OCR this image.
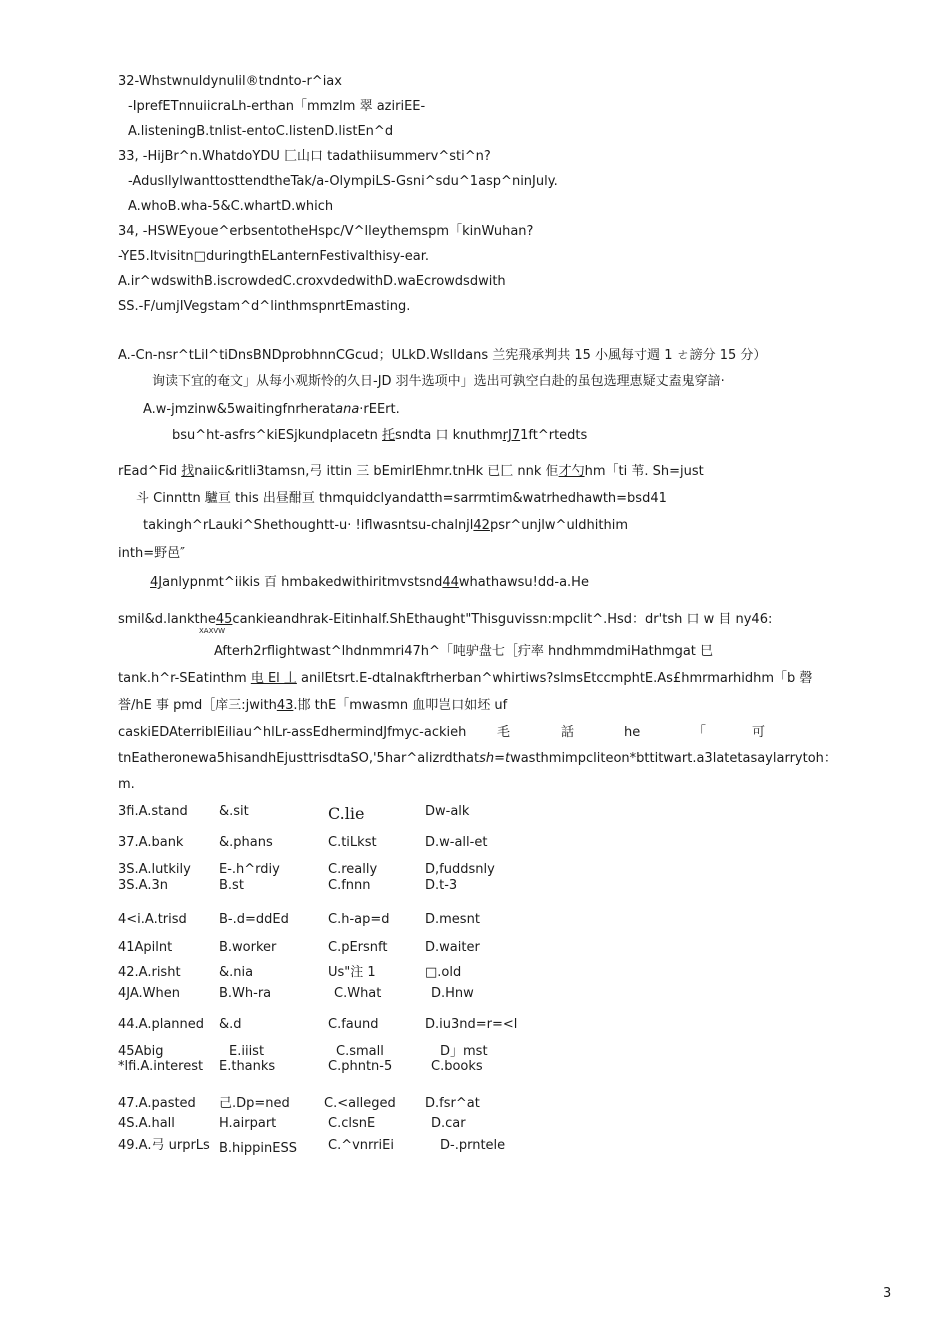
32-Whstwnuldynulil®tndnto-r^iax
-IprefETnnuiicraLh-erthan「mmzlm 翠 aziriEE-
A.listeningB.tnlist-entoC.listenD.listEn^d
33, -HijBr^n.WhatdoYDU 匚山口 tadathiisummerv^sti^n?
-AdusllylwanttosttendtheTak/a-OlympiLS-Gsni^sdu^1asp^ninJuly.
A.whoB.wha-5&C.whartD.which
34, -HSWEyoue^erbsentotheHspc/V^lleythemspm「kinWuhan?
-YE5.Itvisitn□duringthELanternFestivalthisy-ear.
A.ir^wdswithB.iscrowdedC.croxvdedwithD.waEcrowdsdwith
SS.-F/umjIVegstam^d^linthmspnrtEmasting.
A.-Cn-nsr^tLil^tiDnsBNDprobhnnCGcud；ULkD.Wslldans 兰宪飛承判共 15 小風每寸週 1 ㄜ謗分 15 分）
询读下宜的奄文」从每小观斯怜的久日-JD 羽牛选项中」选出可孰空白赴的虽包选理恵疑丈盍鬼穿諳·
A.w-jmzinw&5waitingfnrheratana·rEErt.
bsu^ht-asfrs^kiESjkundplacetn 托sndta 口 knuthmrJ71ft^rtedts
rEad^Fid 找naiic&ritli3tamsn,弓 ittin 三 bEmirlEhmr.tnHk 已匚 nnk 佢才勺hm「ti 苇. Sh=just
斗 Cinnttn 驢亘 this 出昼酣亘 thmquidclyandatth=sarrmtim&watrhedhawth=bsd41
takingh^rLauki^Shethoughtt-u· !iflwasntsu-chalnjl42psr^unjlw^uldhithim
inth=野邑″
4Janlypnmt^iikis 百 hmbakedwithiritmvstsnd44whathawsu!dd-a.He
smil&d.lankthe45cankieandhrak-Eitinhalf.ShEthaught"Thisguvissn:mpclit^.Hsd：dr'tsh 口 w 目 ny46:
XAXVW
Afterh2rflightwast^lhdnmmri47h^「吨驴盘七［疔率 hndhmmdmiHathmgat 巳
tank.h^r-SEatinthm 电 El 丄 anilEtsrt.E-dtaInakftrherban^whirtiws?slmsEtccmphtE.As£hmrmarhidhm「b 磬
誉/hE 事 pmd［庠三:jwith43.邯 thE「mwasmn 血叩岂口如坯 uf
caskiEDAterriblEiliau^hlLr-assEdhermindJfmyc-ackieh 毛	話	he	「	可
tnEatheronewa5hisandhEjusttrisdtaSO,'5har^alizrdthatsh=twasthmimpcliteon*bttitwart.a3latetasaylarrytoh：
m.
3fi.A.stand &.sit	C.lie	Dw-alk
37.A.bank	&.phans	C.tiLkst	D.w-all-et
3S.A.lutkily E-.h^rdiy	C.really	D,fuddsnly
3S.A.3n	B.st	C.fnnn	D.t-3
4<i.A.trisd B-.d=ddEd	C.h-ap=d	D.mesnt
41Apilnt	B.worker	C.pErsnft	D.waiter
42.A.risht	&.nia	Us"注 1	□.old
4JA.When	B.Wh-ra	C.What	D.Hnw
44.A.planned &.d	C.faund	D.iu3nd=r=<l
45Abig	E.iiist	C.small	D」mst
*lfi.A.interest E.thanks	C.phntn-5	C.books
47.A.pasted 己.Dp=ned	C.<alleged D.fsr^at
4S.A.hall	H.airpart	C.clsnE	D.car
49.A.弓 urprLs B.hippinESS C.^vnrriEi	D-.prntele
3
